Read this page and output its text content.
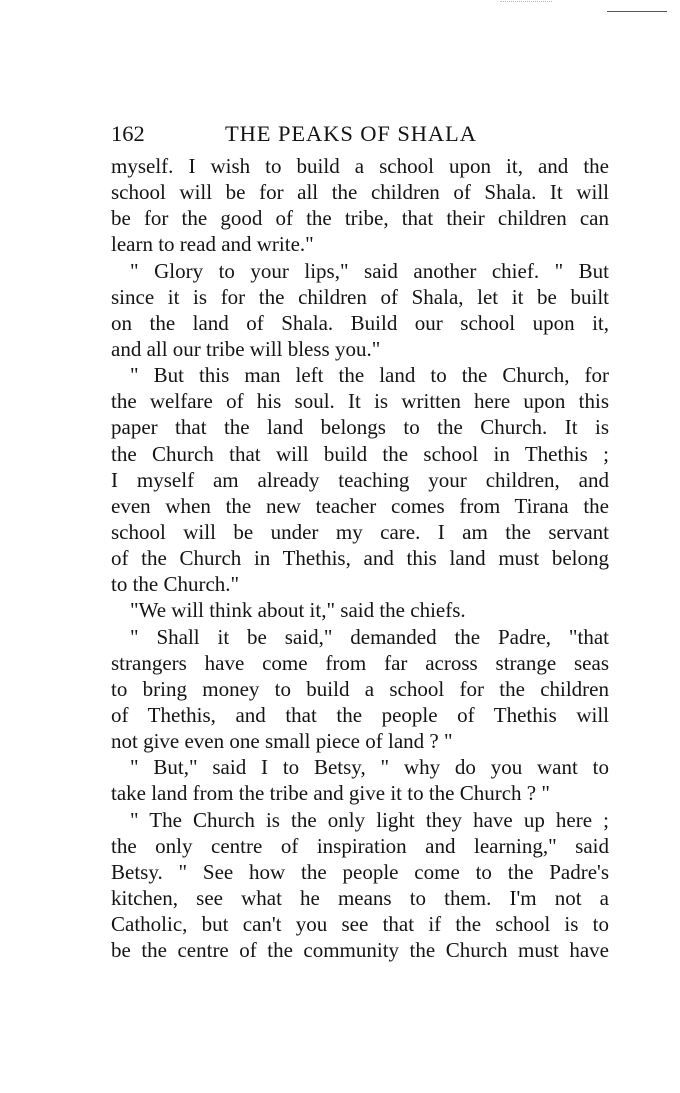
162	THE PEAKS OF SHALA
myself. I wish to build a school upon it, and the
school will be for all the children of Shala. It will
be for the good of the tribe, that their children can
learn to read and write."
" Glory to your lips," said another chief. " But
since it is for the children of Shala, let it be built
on the land of Shala. Build our school upon it,
and all our tribe will bless you."
" But this man left the land to the Church, for
the welfare of his soul. It is written here upon this
paper that the land belongs to the Church. It is
the Church that will build the school in Thethis ;
I myself am already teaching your children, and
even when the new teacher comes from Tirana the
school will be under my care. I am the servant
of the Church in Thethis, and this land must belong
to the Church."
"We will think about it," said the chiefs.
" Shall it be said," demanded the Padre, "that
strangers have come from far across strange seas
to bring money to build a school for the children
of Thethis, and that the people of Thethis will
not give even one small piece of land ? "
" But," said I to Betsy, " why do you want to
take land from the tribe and give it to the Church ? "
" The Church is the only light they have up here ;
the only centre of inspiration and learning," said
Betsy. " See how the people come to the Padre's
kitchen, see what he means to them. I'm not a
Catholic, but can't you see that if the school is to
be the centre of the community the Church must have
